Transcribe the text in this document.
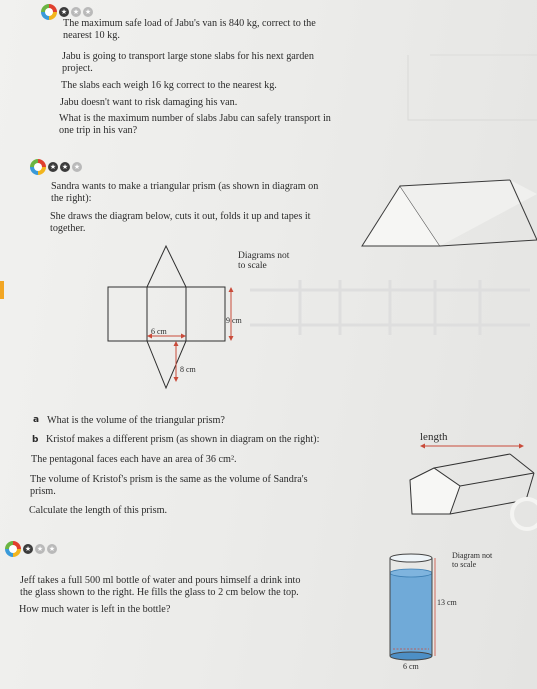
★ ★ ★
The maximum safe load of Jabu's van is 840 kg, correct to the
nearest 10 kg.
Jabu is going to transport large stone slabs for his next garden
project.
The slabs each weigh 16 kg correct to the nearest kg.
Jabu doesn't want to risk damaging his van.
What is the maximum number of slabs Jabu can safely transport in
one trip in his van?
★ ★ ★
Sandra wants to make a triangular prism (as shown in diagram on
the right):
She draws the diagram below, cuts it out, folds it up and tapes it
together.
Diagrams not
to scale
9 cm
6 cm
8 cm
a What is the volume of the triangular prism?
b Kristof makes a different prism (as shown in diagram on the right):
The pentagonal faces each have an area of 36 cm².
The volume of Kristof's prism is the same as the volume of Sandra's
prism.
Calculate the length of this prism.
length
★ ★ ★
Jeff takes a full 500 ml bottle of water and pours himself a drink into
the glass shown to the right. He fills the glass to 2 cm below the top.
How much water is left in the bottle?
Diagram not
to scale
13 cm
6 cm
